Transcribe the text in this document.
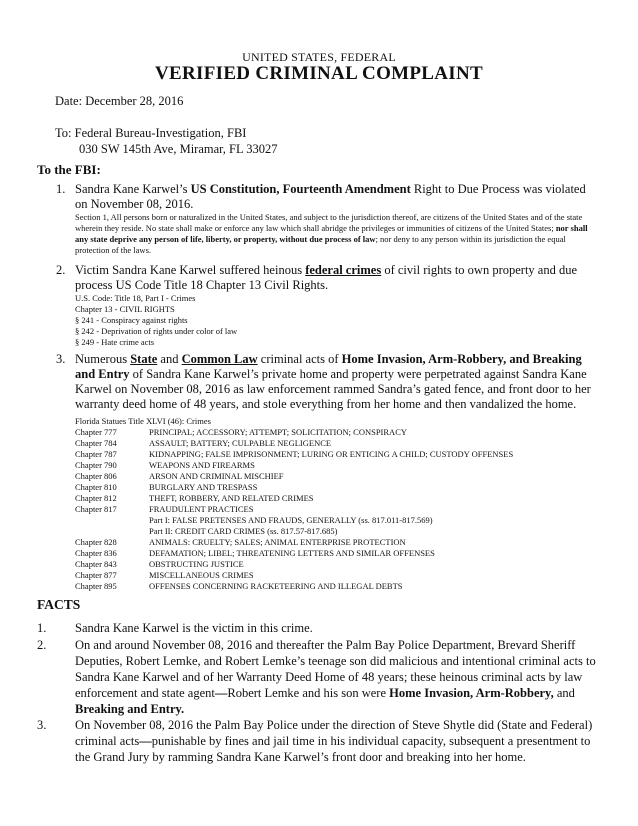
UNITED STATES, FEDERAL
VERIFIED CRIMINAL COMPLAINT
Date: December 28, 2016
To: Federal Bureau-Investigation, FBI
030 SW 145th Ave, Miramar, FL 33027
To the FBI:
1. Sandra Kane Karwel’s US Constitution, Fourteenth Amendment Right to Due Process was violated
on November 08, 2016.
Section 1, All persons born or naturalized in the United States, and subject to the jurisdiction thereof, are citizens of the United States and of the state wherein they reside. No state shall make or enforce any law which shall abridge the privileges or immunities of citizens of the United States; nor shall any state deprive any person of life, liberty, or property, without due process of law; nor deny to any person within its jurisdiction the equal protection of the laws.
2. Victim Sandra Kane Karwel suffered heinous federal crimes of civil rights to own property and due
process US Code Title 18 Chapter 13 Civil Rights.
U.S. Code: Title 18, Part I - Crimes
Chapter 13 - CIVIL RIGHTS
§ 241 - Conspiracy against rights
§ 242 - Deprivation of rights under color of law
§ 249 - Hate crime acts
3. Numerous State and Common Law criminal acts of Home Invasion, Arm-Robbery, and Breaking
and Entry of Sandra Kane Karwel’s private home and property were perpetrated against Sandra Kane
Karwel on November 08, 2016 as law enforcement rammed Sandra’s gated fence, and front door to her
warranty deed home of 48 years, and stole everything from her home and then vandalized the home.
Florida Statues Title XLVI (46): Crimes
Chapter 777	PRINCIPAL; ACCESSORY; ATTEMPT; SOLICITATION; CONSPIRACY
Chapter 784	ASSAULT; BATTERY; CULPABLE NEGLIGENCE
Chapter 787	KIDNAPPING; FALSE IMPRISONMENT; LURING OR ENTICING A CHILD; CUSTODY OFFENSES
Chapter 790	WEAPONS AND FIREARMS
Chapter 806	ARSON AND CRIMINAL MISCHIEF
Chapter 810	BURGLARY AND TRESPASS
Chapter 812	THEFT, ROBBERY, AND RELATED CRIMES
Chapter 817	FRAUDULENT PRACTICES
Part I: FALSE PRETENSES AND FRAUDS, GENERALLY (ss. 817.011-817.569)
Part II: CREDIT CARD CRIMES (ss. 817.57-817.685)
Chapter 828	ANIMALS: CRUELTY; SALES; ANIMAL ENTERPRISE PROTECTION
Chapter 836	DEFAMATION; LIBEL; THREATENING LETTERS AND SIMILAR OFFENSES
Chapter 843	OBSTRUCTING JUSTICE
Chapter 877	MISCELLANEOUS CRIMES
Chapter 895	OFFENSES CONCERNING RACKETEERING AND ILLEGAL DEBTS
FACTS
1. Sandra Kane Karwel is the victim in this crime.
2. On and around November 08, 2016 and thereafter the Palm Bay Police Department, Brevard Sheriff
Deputies, Robert Lemke, and Robert Lemke’s teenage son did malicious and intentional criminal acts to
Sandra Kane Karwel and of her Warranty Deed Home of 48 years; these heinous criminal acts by law
enforcement and state agent—Robert Lemke and his son were Home Invasion, Arm-Robbery, and
Breaking and Entry.
3. On November 08, 2016 the Palm Bay Police under the direction of Steve Shytle did (State and Federal)
criminal acts—punishable by fines and jail time in his individual capacity, subsequent a presentment to
the Grand Jury by ramming Sandra Kane Karwel’s front door and breaking into her home.
